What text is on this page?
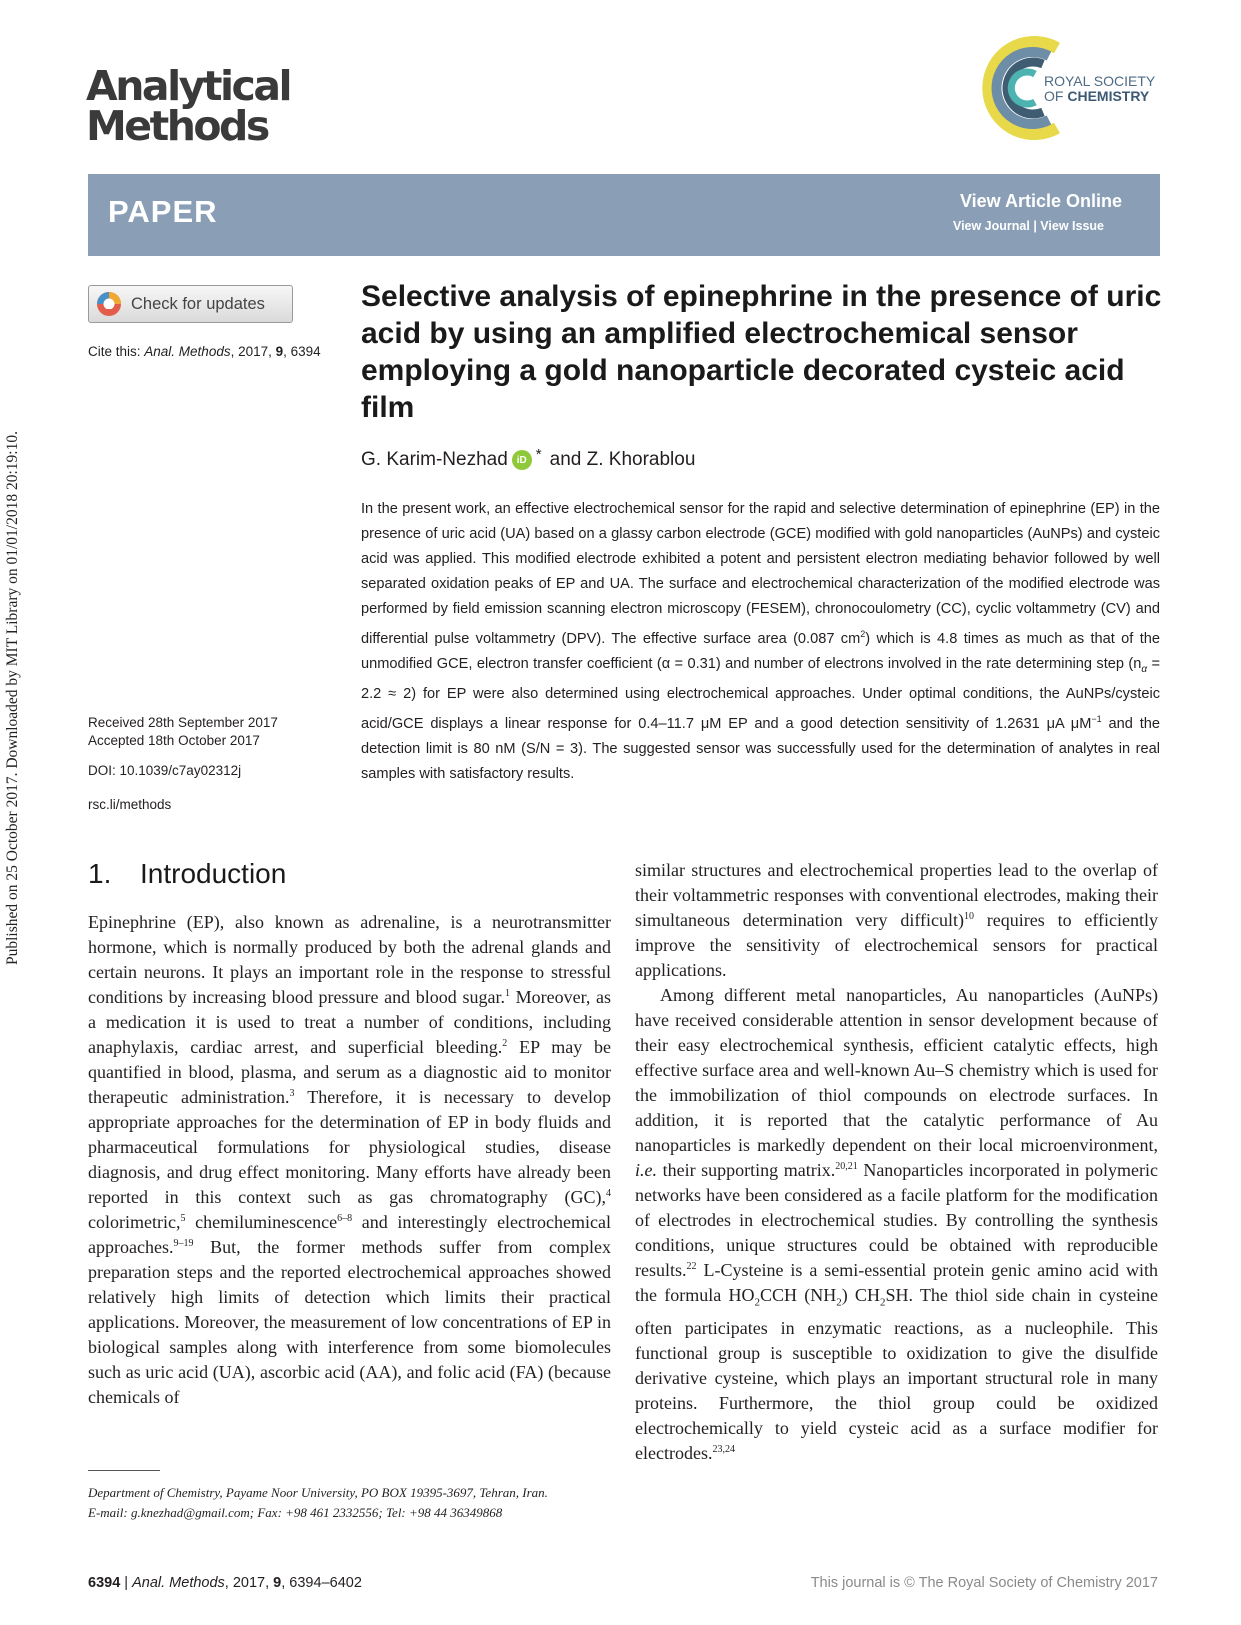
Published on 25 October 2017. Downloaded by MIT Library on 01/01/2018 20:19:10.
Analytical
Methods
ROYAL SOCIETY
OF CHEMISTRY
PAPER	View Article Online
View Journal | View Issue
Check for updates
Cite this: Anal. Methods, 2017, 9, 6394
Received 28th September 2017
Accepted 18th October 2017
DOI: 10.1039/c7ay02312j
rsc.li/methods
Selective analysis of epinephrine in the presence of uric acid by using an amplified electrochemical sensor employing a gold nanoparticle decorated cysteic acid film
G. Karim-Nezhad iD * and Z. Khorablou
In the present work, an effective electrochemical sensor for the rapid and selective determination of epinephrine (EP) in the presence of uric acid (UA) based on a glassy carbon electrode (GCE) modified with gold nanoparticles (AuNPs) and cysteic acid was applied. This modified electrode exhibited a potent and persistent electron mediating behavior followed by well separated oxidation peaks of EP and UA. The surface and electrochemical characterization of the modified electrode was performed by field emission scanning electron microscopy (FESEM), chronocoulometry (CC), cyclic voltammetry (CV) and differential pulse voltammetry (DPV). The effective surface area (0.087 $cm^2$) which is 4.8 times as much as that of the unmodified GCE, electron transfer coefficient (α = 0.31) and number of electrons involved in the rate determining step $(n_\alpha = 2.2 \approx 2)$ for EP were also determined using electrochemical approaches. Under optimal conditions, the AuNPs/cysteic acid/GCE displays a linear response for 0.4–11.7 μM EP and a good detection sensitivity of 1.2631 μA $\mu M^{-1}$ and the detection limit is 80 nM (S/N = 3). The suggested sensor was successfully used for the determination of analytes in real samples with satisfactory results.
1.	Introduction

Epinephrine (EP), also known as adrenaline, is a neurotransmitter hormone, which is normally produced by both the adrenal glands and certain neurons. It plays an important role in the response to stressful conditions by increasing blood pressure and blood sugar.$^1$ Moreover, as a medication it is used to treat a number of conditions, including anaphylaxis, cardiac arrest, and superficial bleeding.$^2$ EP may be quantified in blood, plasma, and serum as a diagnostic aid to monitor therapeutic administration.$^3$ Therefore, it is necessary to develop appropriate approaches for the determination of EP in body fluids and pharmaceutical formulations for physiological studies, disease diagnosis, and drug effect monitoring. Many efforts have already been reported in this context such as gas chromatography (GC),$^4$ colorimetric,$^5$ chemiluminescence$^{6-8}$ and interestingly electrochemical approaches.$^{9-19}$ But, the former methods suffer from complex preparation steps and the reported electrochemical approaches showed relatively high limits of detection which limits their practical applications. Moreover, the measurement of low concentrations of EP in biological samples along with interference from some biomolecules such as uric acid (UA), ascorbic acid (AA), and folic acid (FA) (because chemicals of

similar structures and electrochemical properties lead to the overlap of their voltammetric responses with conventional electrodes, making their simultaneous determination very difficult)$^{10}$ requires to efficiently improve the sensitivity of electrochemical sensors for practical applications.

Among different metal nanoparticles, Au nanoparticles (AuNPs) have received considerable attention in sensor development because of their easy electrochemical synthesis, efficient catalytic effects, high effective surface area and well-known Au–S chemistry which is used for the immobilization of thiol compounds on electrode surfaces. In addition, it is reported that the catalytic performance of Au nanoparticles is markedly dependent on their local microenvironment, i.e. their supporting matrix.$^{20,21}$ Nanoparticles incorporated in polymeric networks have been considered as a facile platform for the modification of electrodes in electrochemical studies. By controlling the synthesis conditions, unique structures could be obtained with reproducible results.$^{22}$ L-Cysteine is a semi-essential protein genic amino acid with the formula $HO_2CCH$ $(NH_2)$ $CH_2SH$. The thiol side chain in cysteine often participates in enzymatic reactions, as a nucleophile. This functional group is susceptible to oxidization to give the disulfide derivative cysteine, which plays an important structural role in many proteins. Furthermore, the thiol group could be oxidized electrochemically to yield cysteic acid as a surface modifier for electrodes.$^{23,24}$

Department of Chemistry, Payame Noor University, PO BOX 19395-3697, Tehran, Iran.
E-mail: g.knezhad@gmail.com; Fax: +98 461 2332556; Tel: +98 44 36349868
6394 | Anal. Methods, 2017, 9, 6394–6402	This journal is © The Royal Society of Chemistry 2017
